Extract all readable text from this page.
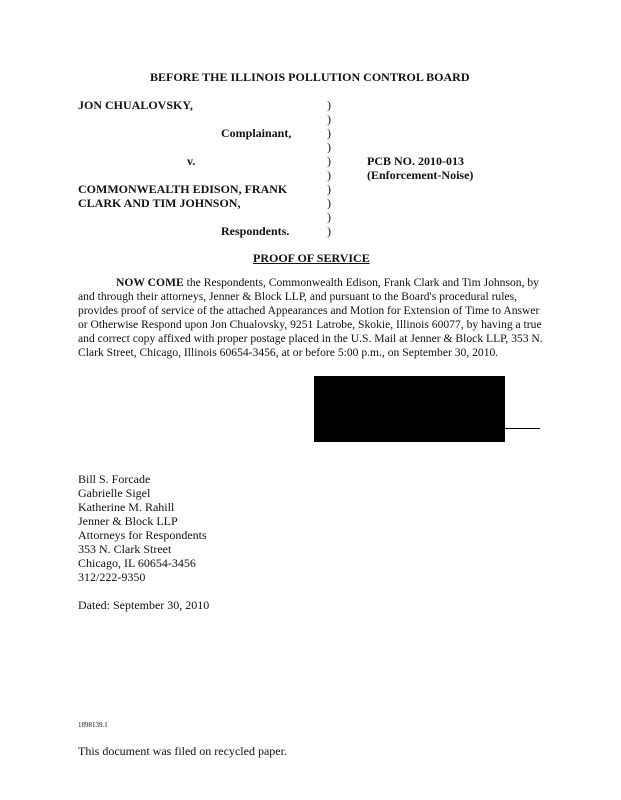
BEFORE THE ILLINOIS POLLUTION CONTROL BOARD
JON CHUALOVSKY,
Complainant,
v.
COMMONWEALTH EDISON, FRANK
CLARK AND TIM JOHNSON,
Respondents.
)
)
)
)
)
)
)
)
)
)
PCB NO. 2010-013
(Enforcement-Noise)
PROOF OF SERVICE

NOW COME the Respondents, Commonwealth Edison, Frank Clark and Tim Johnson, by and through their attorneys, Jenner & Block LLP, and pursuant to the Board's procedural rules, provides proof of service of the attached Appearances and Motion for Extension of Time to Answer or Otherwise Respond upon Jon Chualovsky, 9251 Latrobe, Skokie, Illinois 60077, by having a true and correct copy affixed with proper postage placed in the U.S. Mail at Jenner & Block LLP, 353 N. Clark Street, Chicago, Illinois 60654-3456, at or before 5:00 p.m., on September 30, 2010.

Bill S. Forcade
Gabrielle Sigel
Katherine M. Rahill
Jenner & Block LLP
Attorneys for Respondents
353 N. Clark Street
Chicago, IL 60654-3456
312/222-9350
Dated: September 30, 2010
1898139.1
This document was filed on recycled paper.
